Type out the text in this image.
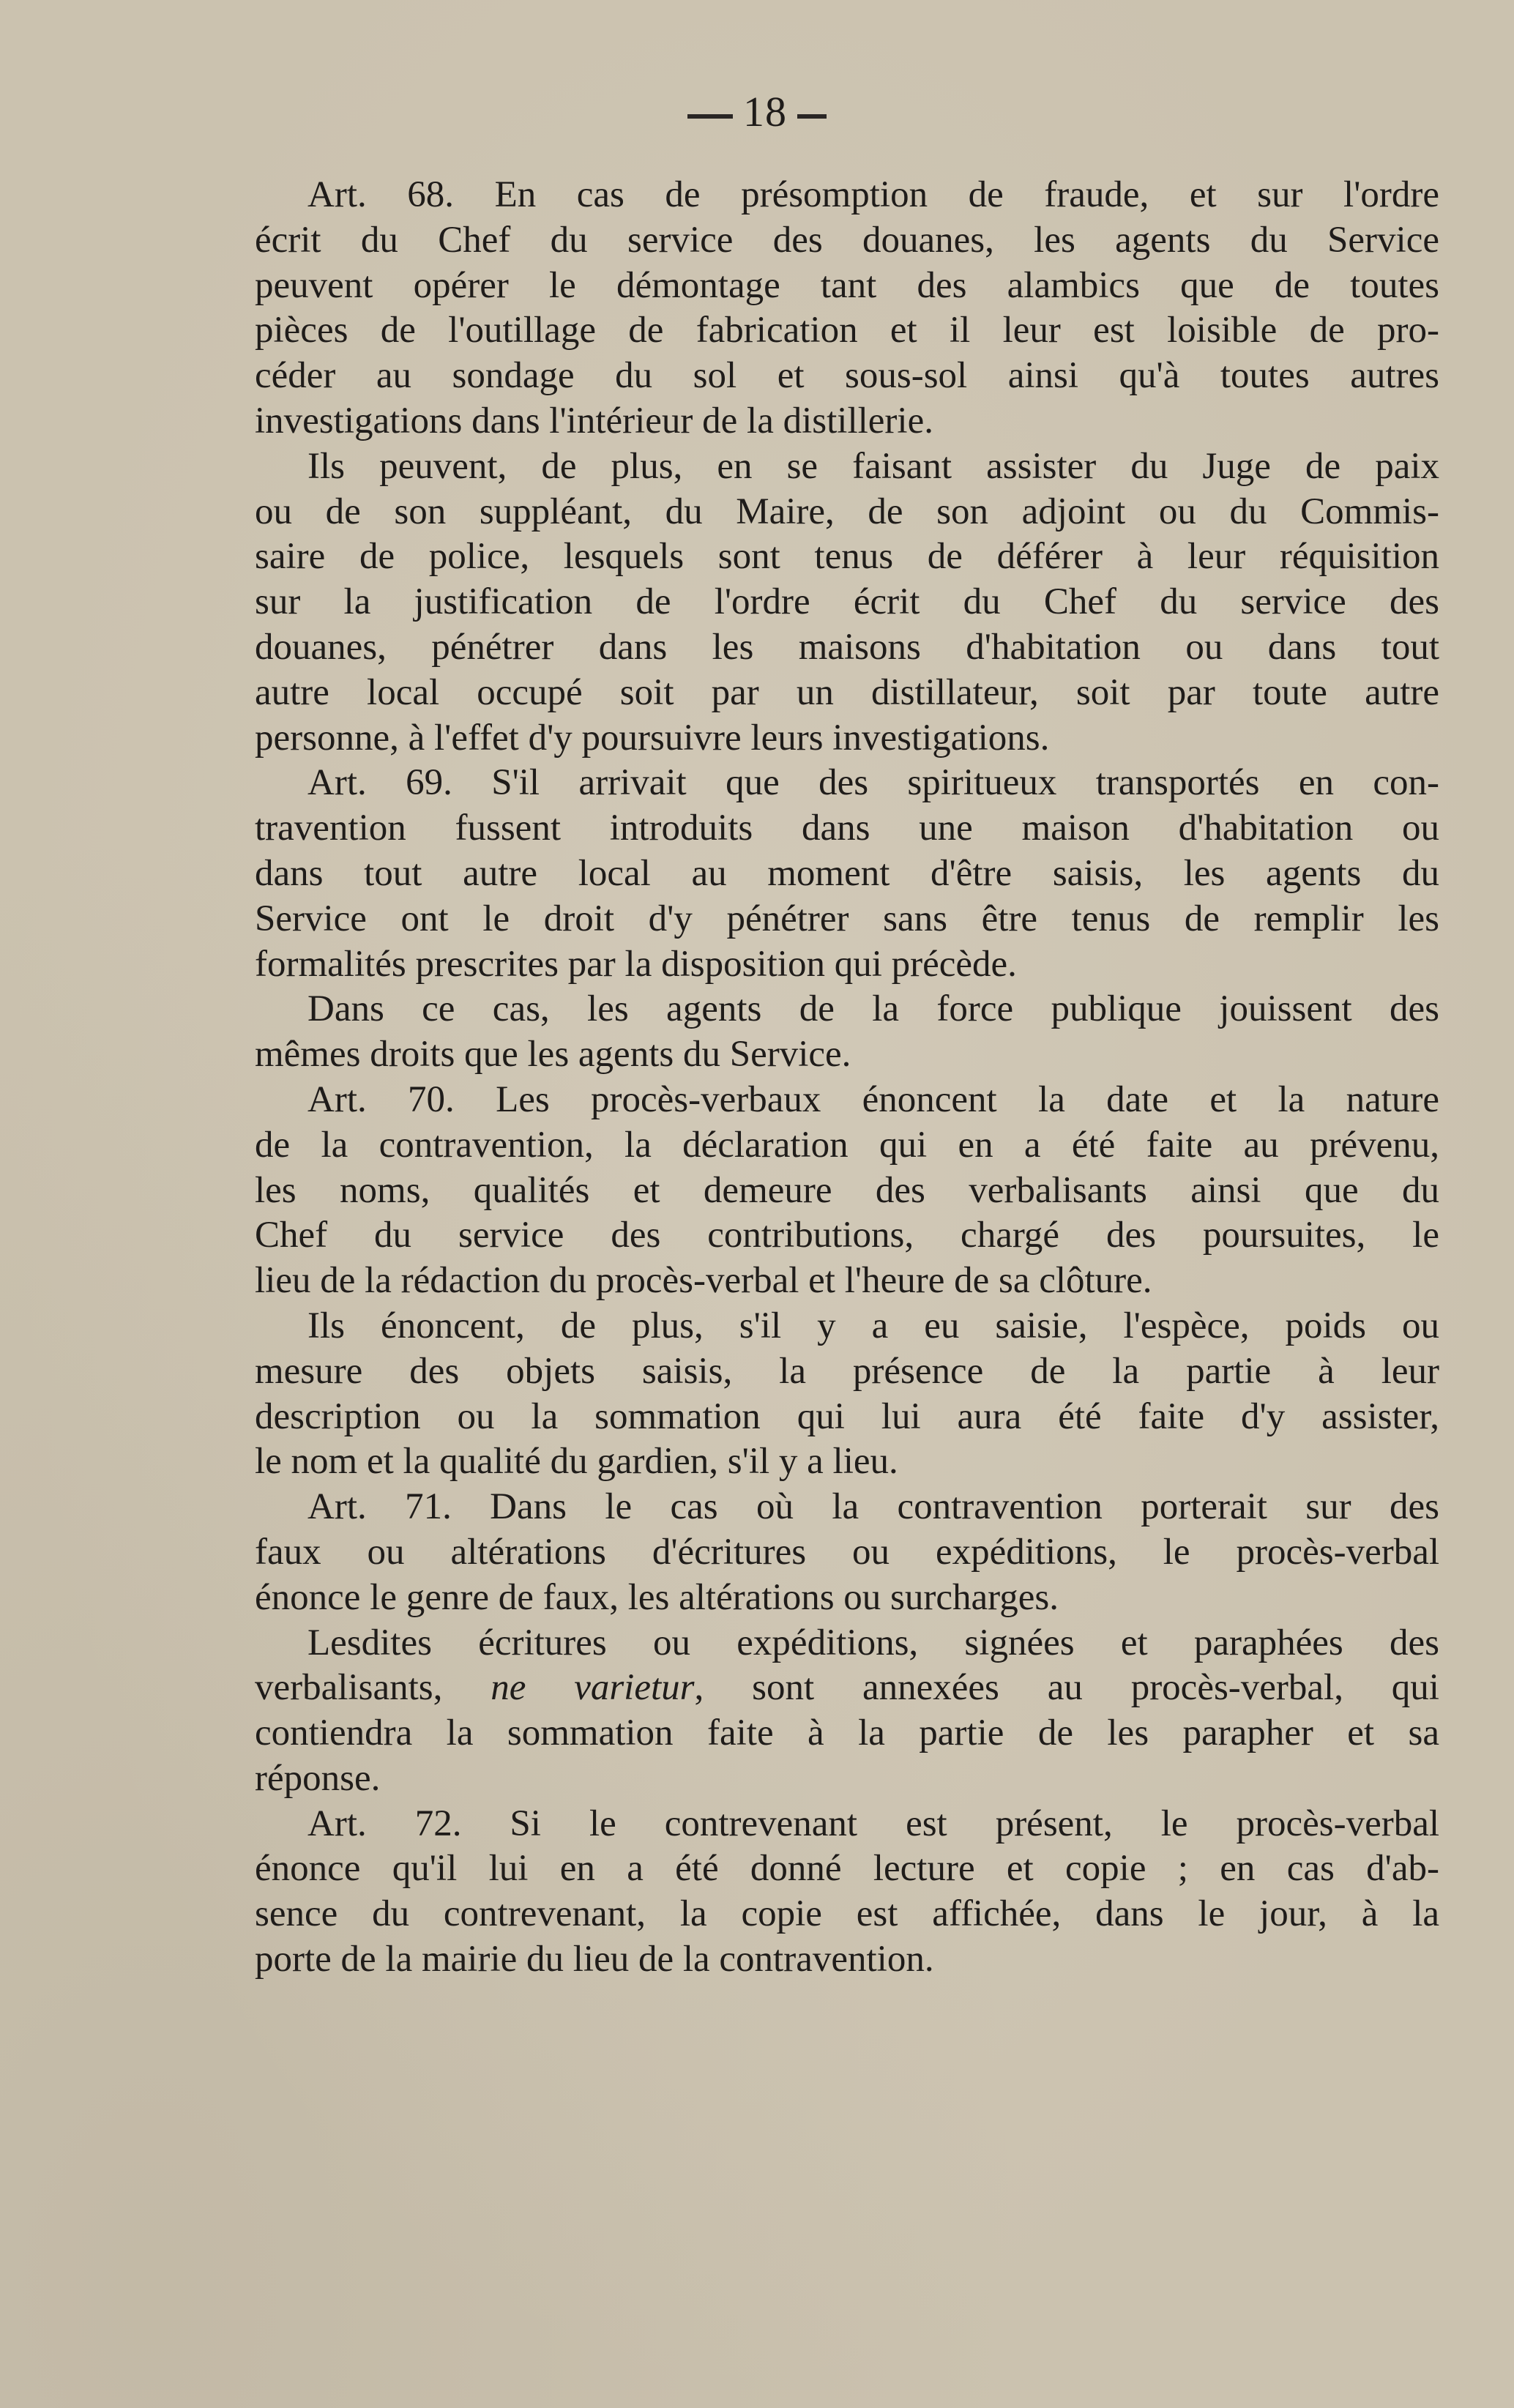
18

Art. 68. En cas de présomption de fraude, et sur l'ordre
écrit du Chef du service des douanes, les agents du Service
peuvent opérer le démontage tant des alambics que de toutes
pièces de l'outillage de fabrication et il leur est loisible de pro-
céder au sondage du sol et sous-sol ainsi qu'à toutes autres
investigations dans l'intérieur de la distillerie.

Ils peuvent, de plus, en se faisant assister du Juge de paix
ou de son suppléant, du Maire, de son adjoint ou du Commis-
saire de police, lesquels sont tenus de déférer à leur réquisition
sur la justification de l'ordre écrit du Chef du service des
douanes, pénétrer dans les maisons d'habitation ou dans tout
autre local occupé soit par un distillateur, soit par toute autre
personne, à l'effet d'y poursuivre leurs investigations.

Art. 69. S'il arrivait que des spiritueux transportés en con-
travention fussent introduits dans une maison d'habitation ou
dans tout autre local au moment d'être saisis, les agents du
Service ont le droit d'y pénétrer sans être tenus de remplir les
formalités prescrites par la disposition qui précède.

Dans ce cas, les agents de la force publique jouissent des
mêmes droits que les agents du Service.

Art. 70. Les procès-verbaux énoncent la date et la nature
de la contravention, la déclaration qui en a été faite au prévenu,
les noms, qualités et demeure des verbalisants ainsi que du
Chef du service des contributions, chargé des poursuites, le
lieu de la rédaction du procès-verbal et l'heure de sa clôture.

Ils énoncent, de plus, s'il y a eu saisie, l'espèce, poids ou
mesure des objets saisis, la présence de la partie à leur
description ou la sommation qui lui aura été faite d'y assister,
le nom et la qualité du gardien, s'il y a lieu.

Art. 71. Dans le cas où la contravention porterait sur des
faux ou altérations d'écritures ou expéditions, le procès-verbal
énonce le genre de faux, les altérations ou surcharges.

Lesdites écritures ou expéditions, signées et paraphées des
verbalisants, ne varietur, sont annexées au procès-verbal, qui
contiendra la sommation faite à la partie de les parapher et sa
réponse.

Art. 72. Si le contrevenant est présent, le procès-verbal
énonce qu'il lui en a été donné lecture et copie ; en cas d'ab-
sence du contrevenant, la copie est affichée, dans le jour, à la
porte de la mairie du lieu de la contravention.
